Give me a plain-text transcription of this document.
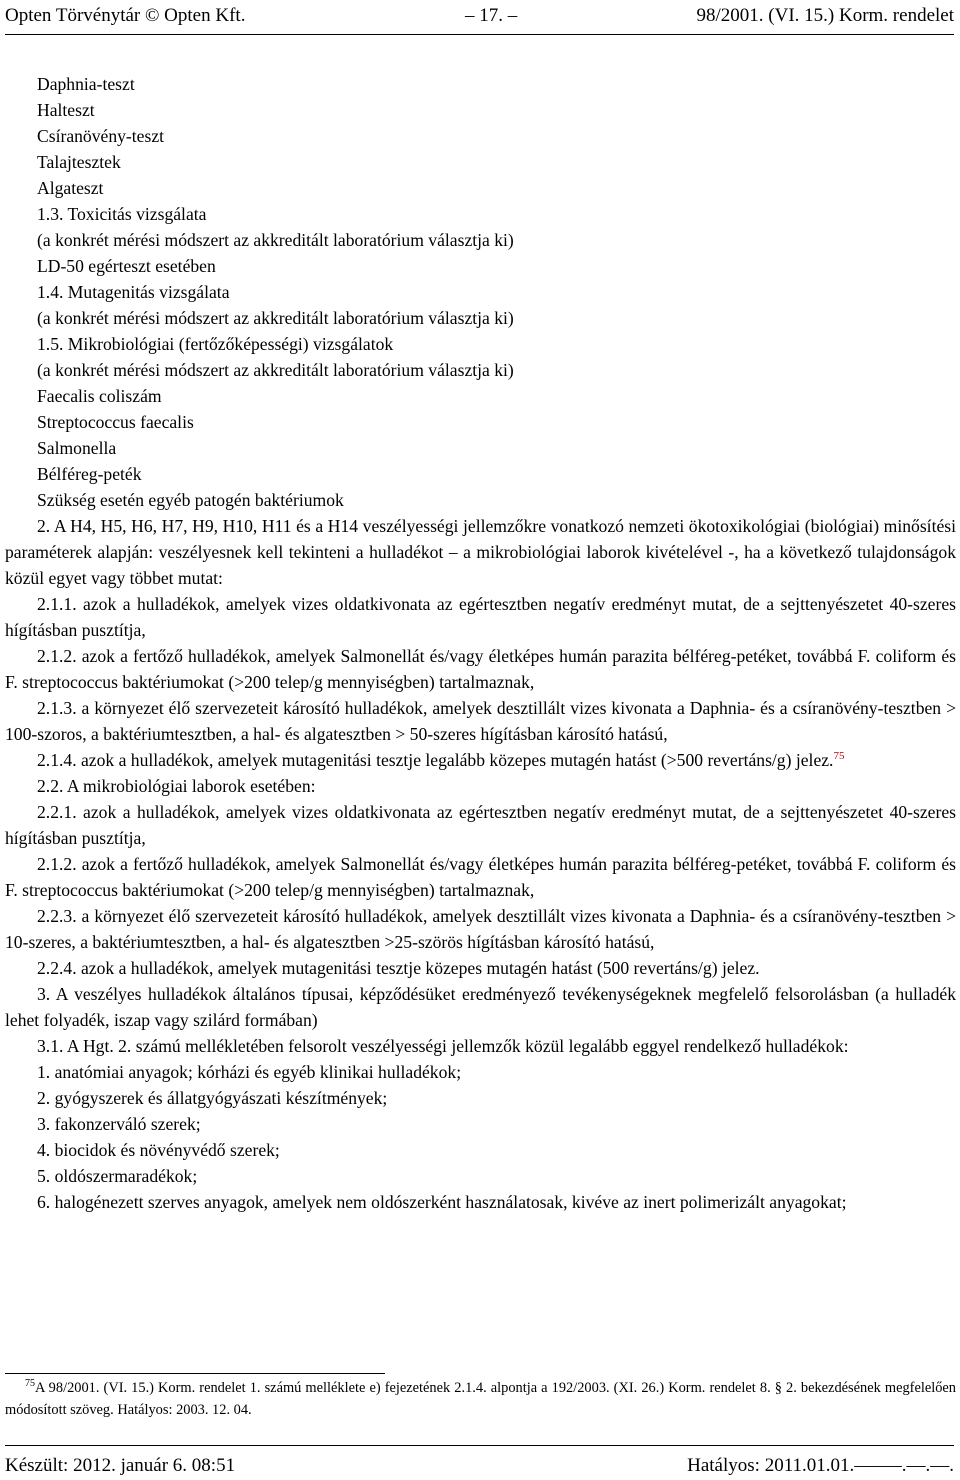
Opten Törvénytár © Opten Kft.	– 17. –	98/2001. (VI. 15.) Korm. rendelet

Daphnia-teszt

Halteszt

Csíranövény-teszt

Talajtesztek

Algateszt

1.3. Toxicitás vizsgálata

(a konkrét mérési módszert az akkreditált laboratórium választja ki)

LD-50 egérteszt esetében

1.4. Mutagenitás vizsgálata

(a konkrét mérési módszert az akkreditált laboratórium választja ki)

1.5. Mikrobiológiai (fertőzőképességi) vizsgálatok

(a konkrét mérési módszert az akkreditált laboratórium választja ki)

Faecalis coliszám

Streptococcus faecalis

Salmonella

Bélféreg-peték

Szükség esetén egyéb patogén baktériumok

2. A H4, H5, H6, H7, H9, H10, H11 és a H14 veszélyességi jellemzőkre vonatkozó nemzeti ökotoxikológiai (biológiai) minősítési paraméterek alapján: veszélyesnek kell tekinteni a hulladékot – a mikrobiológiai laborok kivételével -, ha a következő tulajdonságok közül egyet vagy többet mutat:

2.1.1. azok a hulladékok, amelyek vizes oldatkivonata az egértesztben negatív eredményt mutat, de a sejttenyészetet 40-szeres hígításban pusztítja,

2.1.2. azok a fertőző hulladékok, amelyek Salmonellát és/vagy életképes humán parazita bélféreg-petéket, továbbá F. coliform és F. streptococcus baktériumokat (>200 telep/g mennyiségben) tartalmaznak,

2.1.3. a környezet élő szervezeteit károsító hulladékok, amelyek desztillált vizes kivonata a Daphnia- és a csíranövény-tesztben > 100-szoros, a baktériumtesztben, a hal- és algatesztben > 50-szeres hígításban károsító hatású,

2.1.4. azok a hulladékok, amelyek mutagenitási tesztje legalább közepes mutagén hatást (>500 revertáns/g) jelez.$^{75}$

2.2. A mikrobiológiai laborok esetében:

2.2.1. azok a hulladékok, amelyek vizes oldatkivonata az egértesztben negatív eredményt mutat, de a sejttenyészetet 40-szeres hígításban pusztítja,

2.1.2. azok a fertőző hulladékok, amelyek Salmonellát és/vagy életképes humán parazita bélféreg-petéket, továbbá F. coliform és F. streptococcus baktériumokat (>200 telep/g mennyiségben) tartalmaznak,

2.2.3. a környezet élő szervezeteit károsító hulladékok, amelyek desztillált vizes kivonata a Daphnia- és a csíranövény-tesztben > 10-szeres, a baktériumtesztben, a hal- és algatesztben >25-szörös hígításban károsító hatású,

2.2.4. azok a hulladékok, amelyek mutagenitási tesztje közepes mutagén hatást (500 revertáns/g) jelez.

3. A veszélyes hulladékok általános típusai, képződésüket eredményező tevékenységeknek megfelelő felsorolásban (a hulladék lehet folyadék, iszap vagy szilárd formában)

3.1. A Hgt. 2. számú mellékletében felsorolt veszélyességi jellemzők közül legalább eggyel rendelkező hulladékok:

1. anatómiai anyagok; kórházi és egyéb klinikai hulladékok;

2. gyógyszerek és állatgyógyászati készítmények;

3. fakonzerváló szerek;

4. biocidok és növényvédő szerek;

5. oldószermaradékok;

6. halogénezett szerves anyagok, amelyek nem oldószerként használatosak, kivéve az inert polimerizált anyagokat;

$^{75}$A 98/2001. (VI. 15.) Korm. rendelet 1. számú melléklete e) fejezetének 2.1.4. alpontja a 192/2003. (XI. 26.) Korm. rendelet 8. § 2. bekezdésének megfelelően módosított szöveg. Hatályos: 2003. 12. 04.
Készült: 2012. január 6. 08:51	Hatályos: 2011.01.01.–––––.––.––.
